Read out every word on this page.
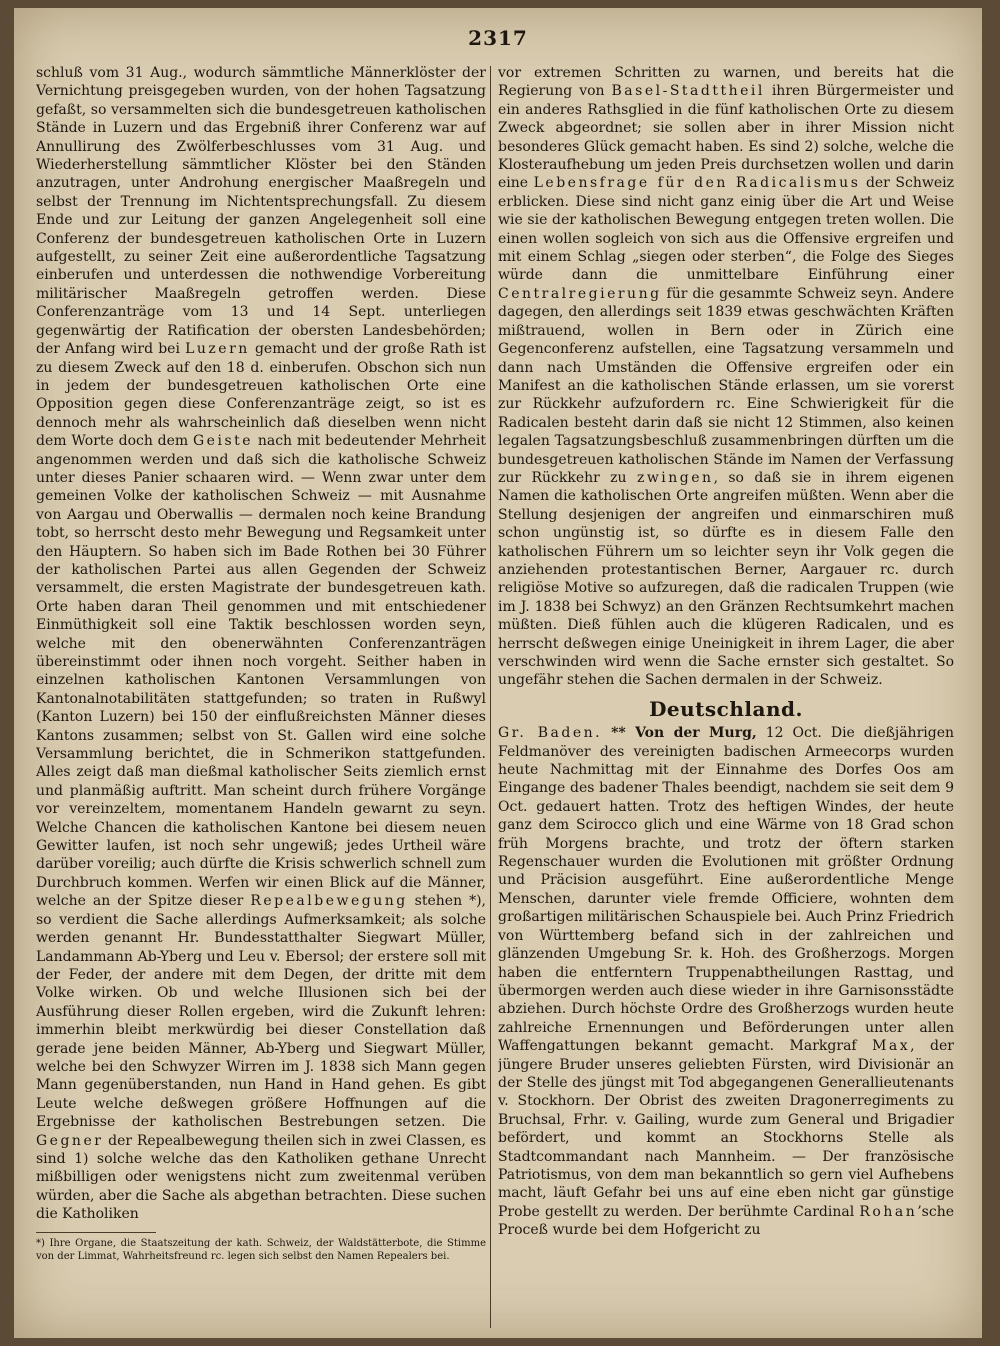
2317

schluß vom 31 Aug., wodurch sämmtliche Männerklöster der Vernichtung preisgegeben wurden, von der hohen Tagsatzung gefaßt, so versammelten sich die bundesgetreuen katholischen Stände in Luzern und das Ergebniß ihrer Conferenz war auf Annullirung des Zwölferbeschlusses vom 31 Aug. und Wiederherstellung sämmtlicher Klöster bei den Ständen anzutragen, unter Androhung energischer Maaßregeln und selbst der Trennung im Nichtentsprechungsfall. Zu diesem Ende und zur Leitung der ganzen Angelegenheit soll eine Conferenz der bundesgetreuen katholischen Orte in Luzern aufgestellt, zu seiner Zeit eine außerordentliche Tagsatzung einberufen und unterdessen die nothwendige Vorbereitung militärischer Maaßregeln getroffen werden. Diese Conferenzanträge vom 13 und 14 Sept. unterliegen gegenwärtig der Ratification der obersten Landesbehörden; der Anfang wird bei Luzern gemacht und der große Rath ist zu diesem Zweck auf den 18 d. einberufen. Obschon sich nun in jedem der bundesgetreuen katholischen Orte eine Opposition gegen diese Conferenzanträge zeigt, so ist es dennoch mehr als wahrscheinlich daß dieselben wenn nicht dem Worte doch dem Geiste nach mit bedeutender Mehrheit angenommen werden und daß sich die katholische Schweiz unter dieses Panier schaaren wird. — Wenn zwar unter dem gemeinen Volke der katholischen Schweiz — mit Ausnahme von Aargau und Oberwallis — dermalen noch keine Brandung tobt, so herrscht desto mehr Bewegung und Regsamkeit unter den Häuptern. So haben sich im Bade Rothen bei 30 Führer der katholischen Partei aus allen Gegenden der Schweiz versammelt, die ersten Magistrate der bundesgetreuen kath. Orte haben daran Theil genommen und mit entschiedener Einmüthigkeit soll eine Taktik beschlossen worden seyn, welche mit den obenerwähnten Conferenzanträgen übereinstimmt oder ihnen noch vorgeht. Seither haben in einzelnen katholischen Kantonen Versammlungen von Kantonalnotabilitäten stattgefunden; so traten in Rußwyl (Kanton Luzern) bei 150 der einflußreichsten Männer dieses Kantons zusammen; selbst von St. Gallen wird eine solche Versammlung berichtet, die in Schmerikon stattgefunden. Alles zeigt daß man dießmal katholischer Seits ziemlich ernst und planmäßig auftritt. Man scheint durch frühere Vorgänge vor vereinzeltem, momentanem Handeln gewarnt zu seyn. Welche Chancen die katholischen Kantone bei diesem neuen Gewitter laufen, ist noch sehr ungewiß; jedes Urtheil wäre darüber voreilig; auch dürfte die Krisis schwerlich schnell zum Durchbruch kommen. Werfen wir einen Blick auf die Männer, welche an der Spitze dieser Repealbewegung stehen *), so verdient die Sache allerdings Aufmerksamkeit; als solche werden genannt Hr. Bundesstatthalter Siegwart Müller, Landammann Ab-Yberg und Leu v. Ebersol; der erstere soll mit der Feder, der andere mit dem Degen, der dritte mit dem Volke wirken. Ob und welche Illusionen sich bei der Ausführung dieser Rollen ergeben, wird die Zukunft lehren: immerhin bleibt merkwürdig bei dieser Constellation daß gerade jene beiden Männer, Ab-Yberg und Siegwart Müller, welche bei den Schwyzer Wirren im J. 1838 sich Mann gegen Mann gegenüberstanden, nun Hand in Hand gehen. Es gibt Leute welche deßwegen größere Hoffnungen auf die Ergebnisse der katholischen Bestrebungen setzen. Die Gegner der Repealbewegung theilen sich in zwei Classen, es sind 1) solche welche das den Katholiken gethane Unrecht mißbilligen oder wenigstens nicht zum zweitenmal verüben würden, aber die Sache als abgethan betrachten. Diese suchen die Katholiken

*) Ihre Organe, die Staatszeitung der kath. Schweiz, der Waldstätterbote, die Stimme von der Limmat, Wahrheitsfreund rc. legen sich selbst den Namen Repealers bei.

vor extremen Schritten zu warnen, und bereits hat die Regierung von Basel-Stadttheil ihren Bürgermeister und ein anderes Rathsglied in die fünf katholischen Orte zu diesem Zweck abgeordnet; sie sollen aber in ihrer Mission nicht besonderes Glück gemacht haben. Es sind 2) solche, welche die Klosteraufhebung um jeden Preis durchsetzen wollen und darin eine Lebensfrage für den Radicalismus der Schweiz erblicken. Diese sind nicht ganz einig über die Art und Weise wie sie der katholischen Bewegung entgegen treten wollen. Die einen wollen sogleich von sich aus die Offensive ergreifen und mit einem Schlag „siegen oder sterben“, die Folge des Sieges würde dann die unmittelbare Einführung einer Centralregierung für die gesammte Schweiz seyn. Andere dagegen, den allerdings seit 1839 etwas geschwächten Kräften mißtrauend, wollen in Bern oder in Zürich eine Gegenconferenz aufstellen, eine Tagsatzung versammeln und dann nach Umständen die Offensive ergreifen oder ein Manifest an die katholischen Stände erlassen, um sie vorerst zur Rückkehr aufzufordern rc. Eine Schwierigkeit für die Radicalen besteht darin daß sie nicht 12 Stimmen, also keinen legalen Tagsatzungsbeschluß zusammenbringen dürften um die bundesgetreuen katholischen Stände im Namen der Verfassung zur Rückkehr zu zwingen, so daß sie in ihrem eigenen Namen die katholischen Orte angreifen müßten. Wenn aber die Stellung desjenigen der angreifen und einmarschiren muß schon ungünstig ist, so dürfte es in diesem Falle den katholischen Führern um so leichter seyn ihr Volk gegen die anziehenden protestantischen Berner, Aargauer rc. durch religiöse Motive so aufzuregen, daß die radicalen Truppen (wie im J. 1838 bei Schwyz) an den Gränzen Rechtsumkehrt machen müßten. Dieß fühlen auch die klügeren Radicalen, und es herrscht deßwegen einige Uneinigkeit in ihrem Lager, die aber verschwinden wird wenn die Sache ernster sich gestaltet. So ungefähr stehen die Sachen dermalen in der Schweiz.

Deutschland.

Gr. Baden. ** Von der Murg, 12 Oct. Die dießjährigen Feldmanöver des vereinigten badischen Armeecorps wurden heute Nachmittag mit der Einnahme des Dorfes Oos am Eingange des badener Thales beendigt, nachdem sie seit dem 9 Oct. gedauert hatten. Trotz des heftigen Windes, der heute ganz dem Scirocco glich und eine Wärme von 18 Grad schon früh Morgens brachte, und trotz der öftern starken Regenschauer wurden die Evolutionen mit größter Ordnung und Präcision ausgeführt. Eine außerordentliche Menge Menschen, darunter viele fremde Officiere, wohnten dem großartigen militärischen Schauspiele bei. Auch Prinz Friedrich von Württemberg befand sich in der zahlreichen und glänzenden Umgebung Sr. k. Hoh. des Großherzogs. Morgen haben die entferntern Truppenabtheilungen Rasttag, und übermorgen werden auch diese wieder in ihre Garnisonsstädte abziehen. Durch höchste Ordre des Großherzogs wurden heute zahlreiche Ernennungen und Beförderungen unter allen Waffengattungen bekannt gemacht. Markgraf Max, der jüngere Bruder unseres geliebten Fürsten, wird Divisionär an der Stelle des jüngst mit Tod abgegangenen Generallieutenants v. Stockhorn. Der Obrist des zweiten Dragonerregiments zu Bruchsal, Frhr. v. Gailing, wurde zum General und Brigadier befördert, und kommt an Stockhorns Stelle als Stadtcommandant nach Mannheim. — Der französische Patriotismus, von dem man bekanntlich so gern viel Aufhebens macht, läuft Gefahr bei uns auf eine eben nicht gar günstige Probe gestellt zu werden. Der berühmte Cardinal Rohan’sche Proceß wurde bei dem Hofgericht zu
